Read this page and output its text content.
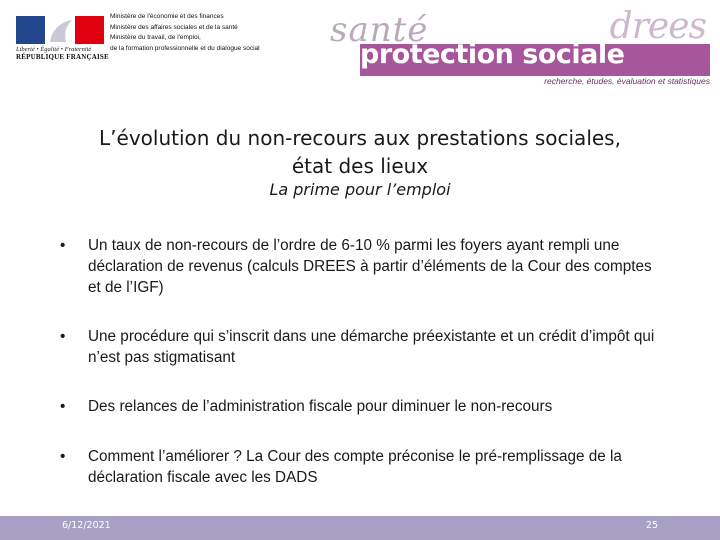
Liberté • Égalité • Fraternité
RÉPUBLIQUE FRANÇAISE
Ministère de l'économie et des finances
Ministère des affaires sociales et de la santé
Ministère du travail, de l'emploi,
de la formation professionnelle et du dialogue social santé
protection sociale
drees
recherche, études, évaluation et statistiques
L’évolution du non-recours aux prestations sociales,
état des lieux
La prime pour l’emploi
• Un taux de non-recours de l’ordre de 6-10 % parmi les foyers ayant rempli une déclaration de revenus (calculs DREES à partir d’éléments de la Cour des comptes et de l’IGF)
• Une procédure qui s’inscrit dans une démarche préexistante et un crédit d’impôt qui n’est pas stigmatisant
• Des relances de l’administration fiscale pour diminuer le non-recours
• Comment l’améliorer ? La Cour des compte préconise le pré-remplissage de la déclaration fiscale avec les DADS
6/12/2021	25
